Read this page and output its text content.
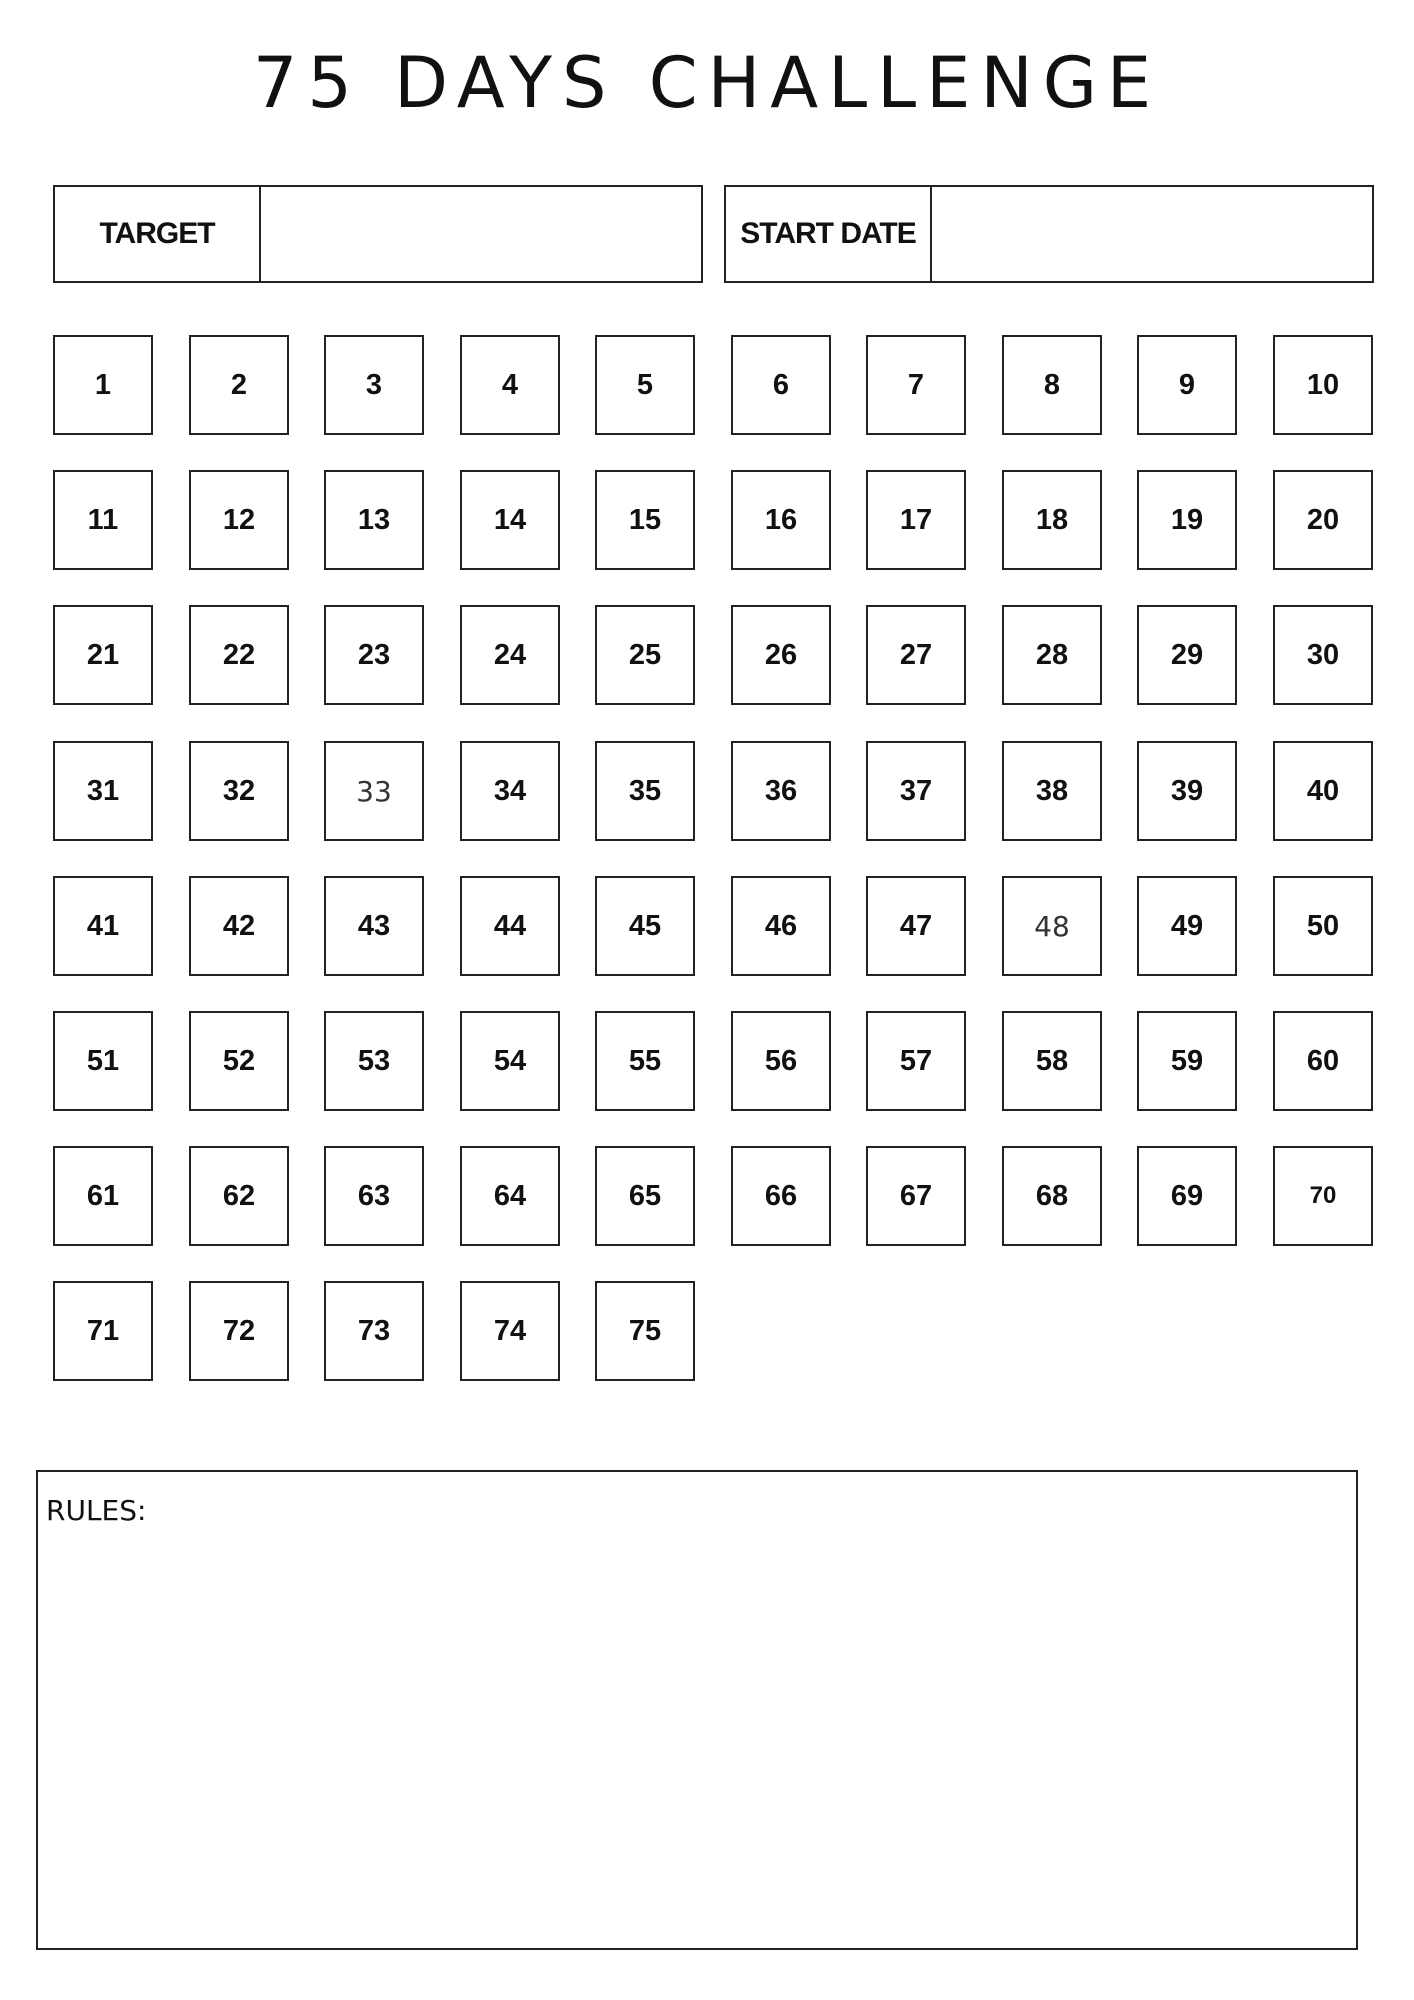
75 DAYS CHALLENGE
TARGET	START DATE
1	2	3	4	5	6	7	8	9	10
11	12	13	14	15	16	17	18	19	20
21	22	23	24	25	26	27	28	29	30
31	32	33	34	35	36	37	38	39	40
41	42	43	44	45	46	47	48	49	50
51	52	53	54	55	56	57	58	59	60
61	62	63	64	65	66	67	68	69	70
71	72	73	74	75
RULES:
